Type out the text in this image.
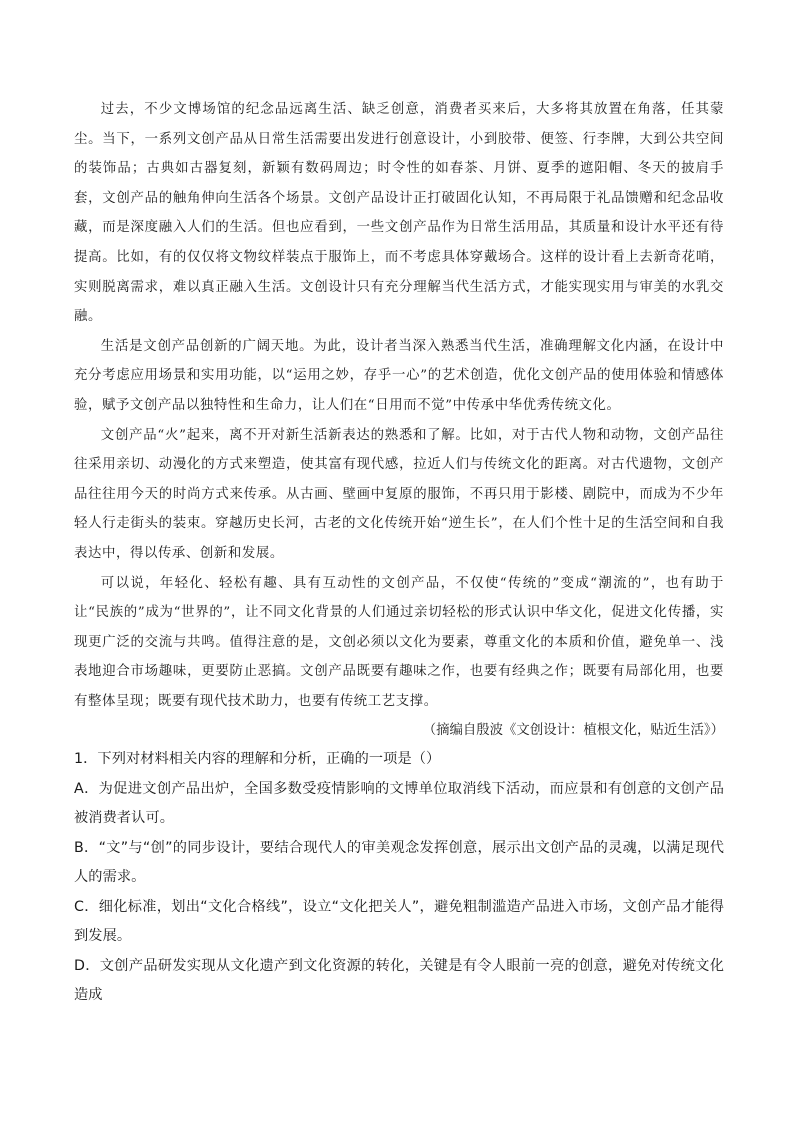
过去，不少文博场馆的纪念品远离生活、缺乏创意，消费者买来后，大多将其放置在角落，任其蒙尘。当下，一系列文创产品从日常生活需要出发进行创意设计，小到胶带、便签、行李牌，大到公共空间的装饰品；古典如古器复刻，新颖有数码周边；时令性的如春茶、月饼、夏季的遮阳帽、冬天的披肩手套，文创产品的触角伸向生活各个场景。文创产品设计正打破固化认知，不再局限于礼品馈赠和纪念品收藏，而是深度融入人们的生活。但也应看到，一些文创产品作为日常生活用品，其质量和设计水平还有待提高。比如，有的仅仅将文物纹样装点于服饰上，而不考虑具体穿戴场合。这样的设计看上去新奇花哨，实则脱离需求，难以真正融入生活。文创设计只有充分理解当代生活方式，才能实现实用与审美的水乳交融。

生活是文创产品创新的广阔天地。为此，设计者当深入熟悉当代生活，准确理解文化内涵，在设计中充分考虑应用场景和实用功能，以“运用之妙，存乎一心”的艺术创造，优化文创产品的使用体验和情感体验，赋予文创产品以独特性和生命力，让人们在“日用而不觉”中传承中华优秀传统文化。

文创产品“火”起来，离不开对新生活新表达的熟悉和了解。比如，对于古代人物和动物，文创产品往往采用亲切、动漫化的方式来塑造，使其富有现代感，拉近人们与传统文化的距离。对古代遗物，文创产品往往用今天的时尚方式来传承。从古画、壁画中复原的服饰，不再只用于影楼、剧院中，而成为不少年轻人行走街头的装束。穿越历史长河，古老的文化传统开始“逆生长”，在人们个性十足的生活空间和自我表达中，得以传承、创新和发展。

可以说，年轻化、轻松有趣、具有互动性的文创产品，不仅使“传统的”变成“潮流的”，也有助于让“民族的”成为“世界的”，让不同文化背景的人们通过亲切轻松的形式认识中华文化，促进文化传播，实现更广泛的交流与共鸣。值得注意的是，文创必须以文化为要素，尊重文化的本质和价值，避免单一、浅表地迎合市场趣味，更要防止恶搞。文创产品既要有趣味之作，也要有经典之作；既要有局部化用，也要有整体呈现；既要有现代技术助力，也要有传统工艺支撑。

（摘编自殷波《文创设计：植根文化，贴近生活》）

1．下列对材料相关内容的理解和分析，正确的一项是（）

A．为促进文创产品出炉，全国多数受疫情影响的文博单位取消线下活动，而应景和有创意的文创产品被消费者认可。

B．“文”与“创”的同步设计，要结合现代人的审美观念发挥创意，展示出文创产品的灵魂，以满足现代人的需求。

C．细化标准，划出“文化合格线”，设立“文化把关人”，避免粗制滥造产品进入市场，文创产品才能得到发展。

D．文创产品研发实现从文化遗产到文化资源的转化，关键是有令人眼前一亮的创意，避免对传统文化造成
